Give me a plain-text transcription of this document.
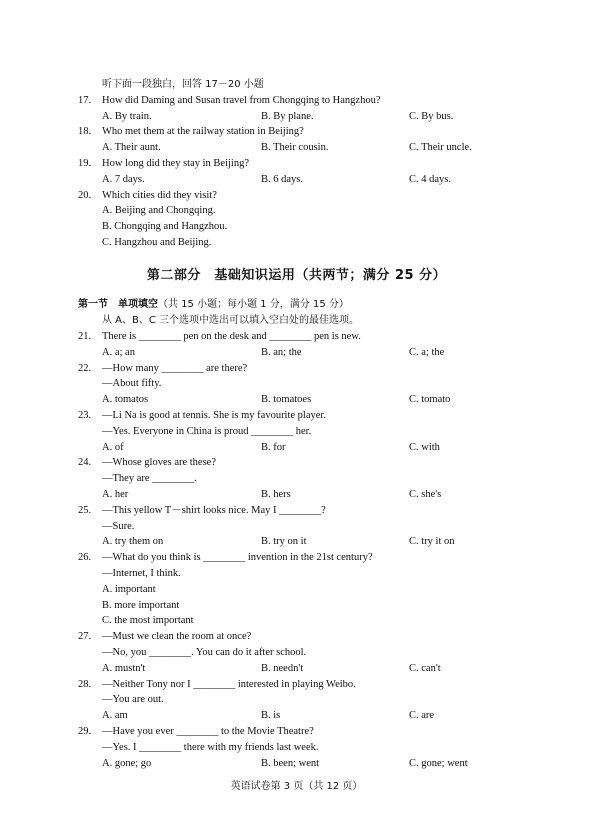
听下面一段独白，回答 17－20 小题
17. How did Daming and Susan travel from Chongqing to Hangzhou?
A. By train.	B. By plane.	C. By bus.
18. Who met them at the railway station in Beijing?
A. Their aunt.	B. Their cousin.	C. Their uncle.
19. How long did they stay in Beijing?
A. 7 days.	B. 6 days.	C. 4 days.
20. Which cities did they visit?
A. Beijing and Chongqing.
B. Chongqing and Hangzhou.
C. Hangzhou and Beijing.
第二部分　基础知识运用（共两节；满分 25 分）
第一节　单项填空（共 15 小题；每小题 1 分，满分 15 分）
从 A、B、C 三个选项中选出可以填入空白处的最佳选项。
21. There is ________ pen on the desk and ________ pen is new.
A. a; an	B. an; the	C. a; the
22. —How many ________ are there?
—About fifty.
A. tomatos	B. tomatoes	C. tomato
23. —Li Na is good at tennis. She is my favourite player.
—Yes. Everyone in China is proud ________ her.
A. of	B. for	C. with
24. —Whose gloves are these?
—They are ________.
A. her	B. hers	C. she's
25. —This yellow T－shirt looks nice. May I ________?
—Sure.
A. try them on	B. try on it	C. try it on
26. —What do you think is ________ invention in the 21st century?
—Internet, I think.
A. important
B. more important
C. the most important
27. —Must we clean the room at once?
—No, you ________. You can do it after school.
A. mustn't	B. needn't	C. can't
28. —Neither Tony nor I ________ interested in playing Weibo.
—You are out.
A. am	B. is	C. are
29. —Have you ever ________ to the Movie Theatre?
—Yes. I ________ there with my friends last week.
A. gone; go	B. been; went	C. gone; went
英语试卷第 3 页（共 12 页）
